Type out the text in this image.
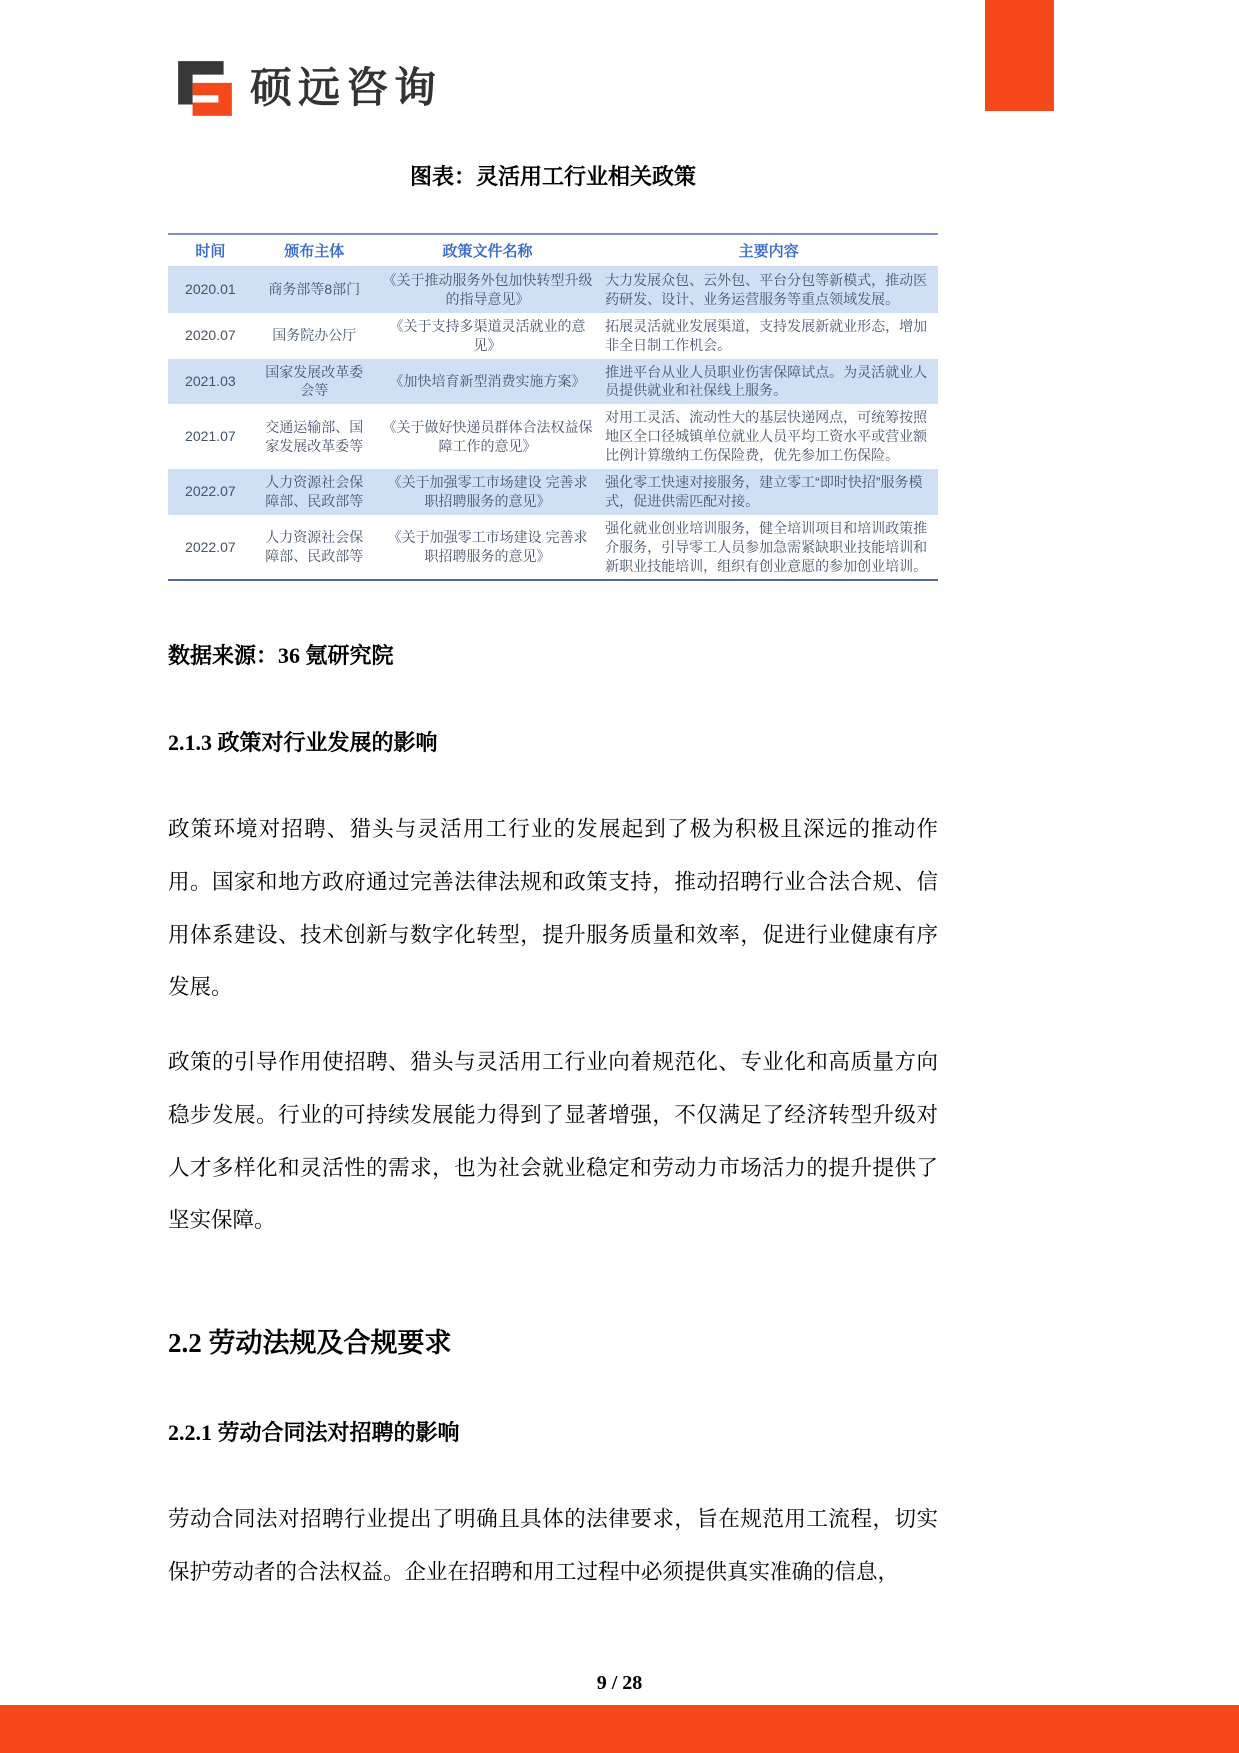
硕远咨询
图表：灵活用工行业相关政策
时间	颁布主体	政策文件名称	主要内容
2020.01	商务部等8部门	《关于推动服务外包加快转型升级的指导意见》	大力发展众包、云外包、平台分包等新模式，推动医药研发、设计、业务运营服务等重点领域发展。
2020.07	国务院办公厅	《关于支持多渠道灵活就业的意见》	拓展灵活就业发展渠道，支持发展新就业形态，增加非全日制工作机会。
2021.03	国家发展改革委会等	《加快培育新型消费实施方案》	推进平台从业人员职业伤害保障试点。为灵活就业人员提供就业和社保线上服务。
2021.07	交通运输部、国家发展改革委等	《关于做好快递员群体合法权益保障工作的意见》	对用工灵活、流动性大的基层快递网点，可统筹按照地区全口径城镇单位就业人员平均工资水平或营业额比例计算缴纳工伤保险费，优先参加工伤保险。
2022.07	人力资源社会保障部、民政部等	《关于加强零工市场建设 完善求职招聘服务的意见》	强化零工快速对接服务，建立零工“即时快招”服务模式，促进供需匹配对接。
2022.07	人力资源社会保障部、民政部等	《关于加强零工市场建设 完善求职招聘服务的意见》	强化就业创业培训服务，健全培训项目和培训政策推介服务，引导零工人员参加急需紧缺职业技能培训和新职业技能培训，组织有创业意愿的参加创业培训。

数据来源：36 氪研究院

2.1.3 政策对行业发展的影响

政策环境对招聘、猎头与灵活用工行业的发展起到了极为积极且深远的推动作用。国家和地方政府通过完善法律法规和政策支持，推动招聘行业合法合规、信用体系建设、技术创新与数字化转型，提升服务质量和效率，促进行业健康有序发展。

政策的引导作用使招聘、猎头与灵活用工行业向着规范化、专业化和高质量方向稳步发展。行业的可持续发展能力得到了显著增强，不仅满足了经济转型升级对人才多样化和灵活性的需求，也为社会就业稳定和劳动力市场活力的提升提供了坚实保障。

2.2 劳动法规及合规要求
2.2.1 劳动合同法对招聘的影响

劳动合同法对招聘行业提出了明确且具体的法律要求，旨在规范用工流程，切实保护劳动者的合法权益。企业在招聘和用工过程中必须提供真实准确的信息，

9 / 28
